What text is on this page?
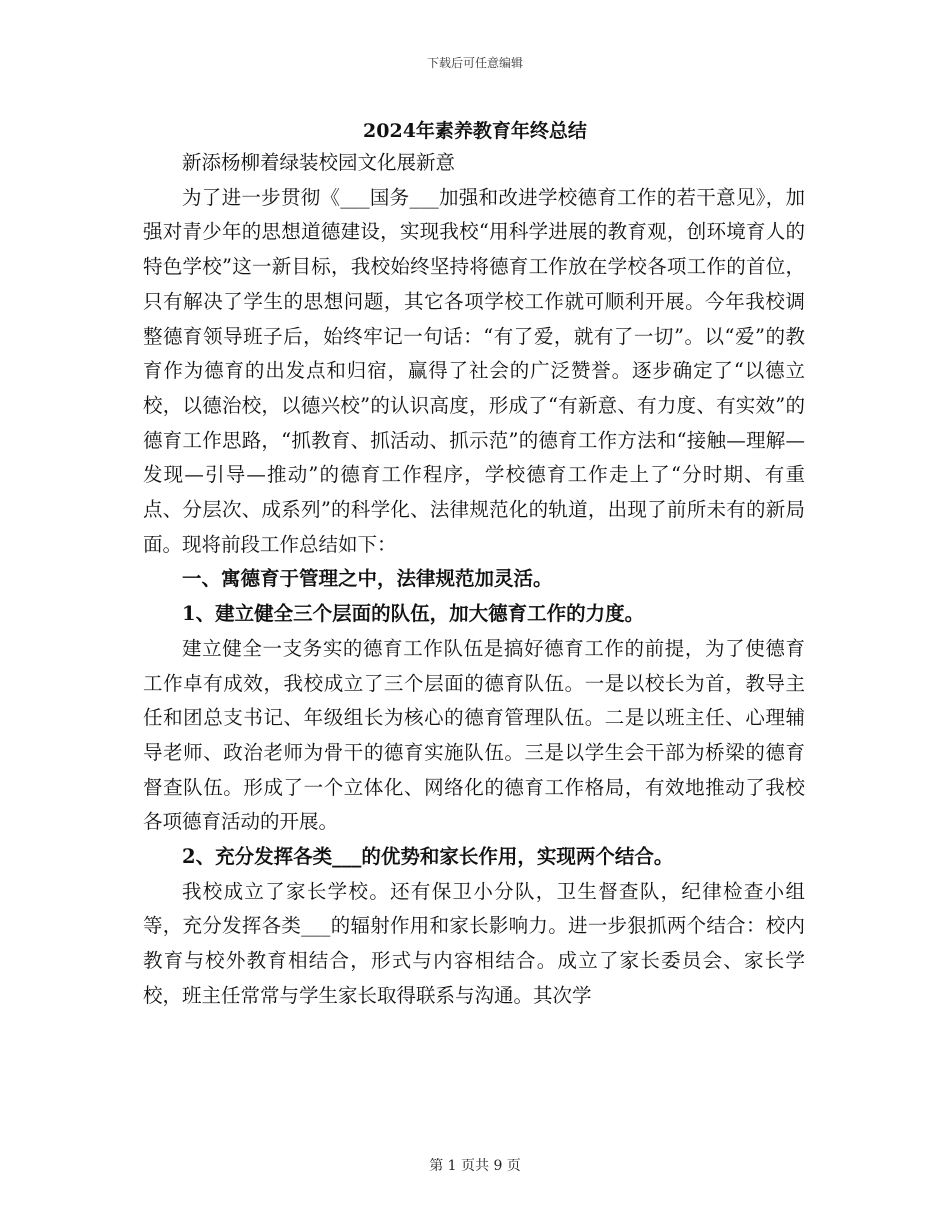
下载后可任意编辑
2024年素养教育年终总结

新添杨柳着绿装校园文化展新意

为了进一步贯彻《___国务___加强和改进学校德育工作的若干意见》，加强对青少年的思想道德建设，实现我校“用科学进展的教育观，创环境育人的特色学校”这一新目标，我校始终坚持将德育工作放在学校各项工作的首位，只有解决了学生的思想问题，其它各项学校工作就可顺利开展。今年我校调整德育领导班子后，始终牢记一句话：“有了爱，就有了一切”。以“爱”的教育作为德育的出发点和归宿，赢得了社会的广泛赞誉。逐步确定了“以德立校，以德治校，以德兴校”的认识高度，形成了“有新意、有力度、有实效”的德育工作思路，“抓教育、抓活动、抓示范”的德育工作方法和“接触—理解—发现—引导—推动”的德育工作程序，学校德育工作走上了“分时期、有重点、分层次、成系列”的科学化、法律规范化的轨道，出现了前所未有的新局面。现将前段工作总结如下：

一、寓德育于管理之中，法律规范加灵活。

1、建立健全三个层面的队伍，加大德育工作的力度。

建立健全一支务实的德育工作队伍是搞好德育工作的前提，为了使德育工作卓有成效，我校成立了三个层面的德育队伍。一是以校长为首，教导主任和团总支书记、年级组长为核心的德育管理队伍。二是以班主任、心理辅导老师、政治老师为骨干的德育实施队伍。三是以学生会干部为桥梁的德育督查队伍。形成了一个立体化、网络化的德育工作格局，有效地推动了我校各项德育活动的开展。

2、充分发挥各类___的优势和家长作用，实现两个结合。

我校成立了家长学校。还有保卫小分队，卫生督查队，纪律检查小组等，充分发挥各类___的辐射作用和家长影响力。进一步狠抓两个结合：校内教育与校外教育相结合，形式与内容相结合。成立了家长委员会、家长学校，班主任常常与学生家长取得联系与沟通。其次学

第 1 页共 9 页
